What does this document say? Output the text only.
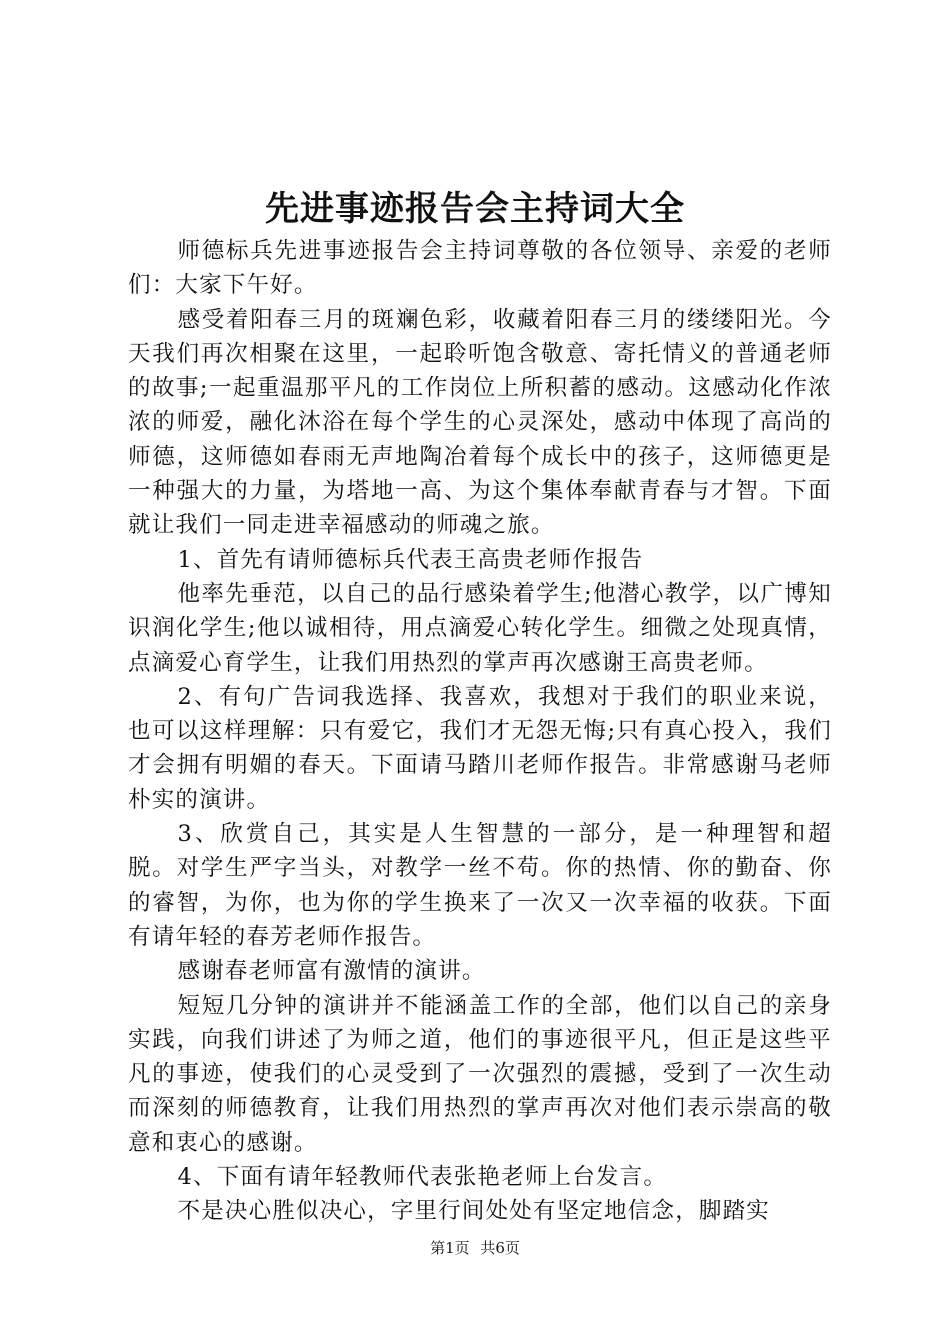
先进事迹报告会主持词大全

师德标兵先进事迹报告会主持词尊敬的各位领导、亲爱的老师们：大家下午好。

感受着阳春三月的斑斓色彩，收藏着阳春三月的缕缕阳光。今天我们再次相聚在这里，一起聆听饱含敬意、寄托情义的普通老师的故事;一起重温那平凡的工作岗位上所积蓄的感动。这感动化作浓浓的师爱，融化沐浴在每个学生的心灵深处，感动中体现了高尚的师德，这师德如春雨无声地陶冶着每个成长中的孩子，这师德更是一种强大的力量，为塔地一高、为这个集体奉献青春与才智。下面就让我们一同走进幸福感动的师魂之旅。

1、首先有请师德标兵代表王高贵老师作报告

他率先垂范，以自己的品行感染着学生;他潜心教学，以广博知识润化学生;他以诚相待，用点滴爱心转化学生。细微之处现真情，点滴爱心育学生，让我们用热烈的掌声再次感谢王高贵老师。

2、有句广告词我选择、我喜欢，我想对于我们的职业来说，也可以这样理解：只有爱它，我们才无怨无悔;只有真心投入，我们才会拥有明媚的春天。下面请马踏川老师作报告。非常感谢马老师朴实的演讲。

3、欣赏自己，其实是人生智慧的一部分，是一种理智和超脱。对学生严字当头，对教学一丝不苟。你的热情、你的勤奋、你的睿智，为你，也为你的学生换来了一次又一次幸福的收获。下面有请年轻的春芳老师作报告。

感谢春老师富有激情的演讲。

短短几分钟的演讲并不能涵盖工作的全部，他们以自己的亲身实践，向我们讲述了为师之道，他们的事迹很平凡，但正是这些平凡的事迹，使我们的心灵受到了一次强烈的震撼，受到了一次生动而深刻的师德教育，让我们用热烈的掌声再次对他们表示崇高的敬意和衷心的感谢。

4、下面有请年轻教师代表张艳老师上台发言。

不是决心胜似决心，字里行间处处有坚定地信念，脚踏实

第1页 共6页
